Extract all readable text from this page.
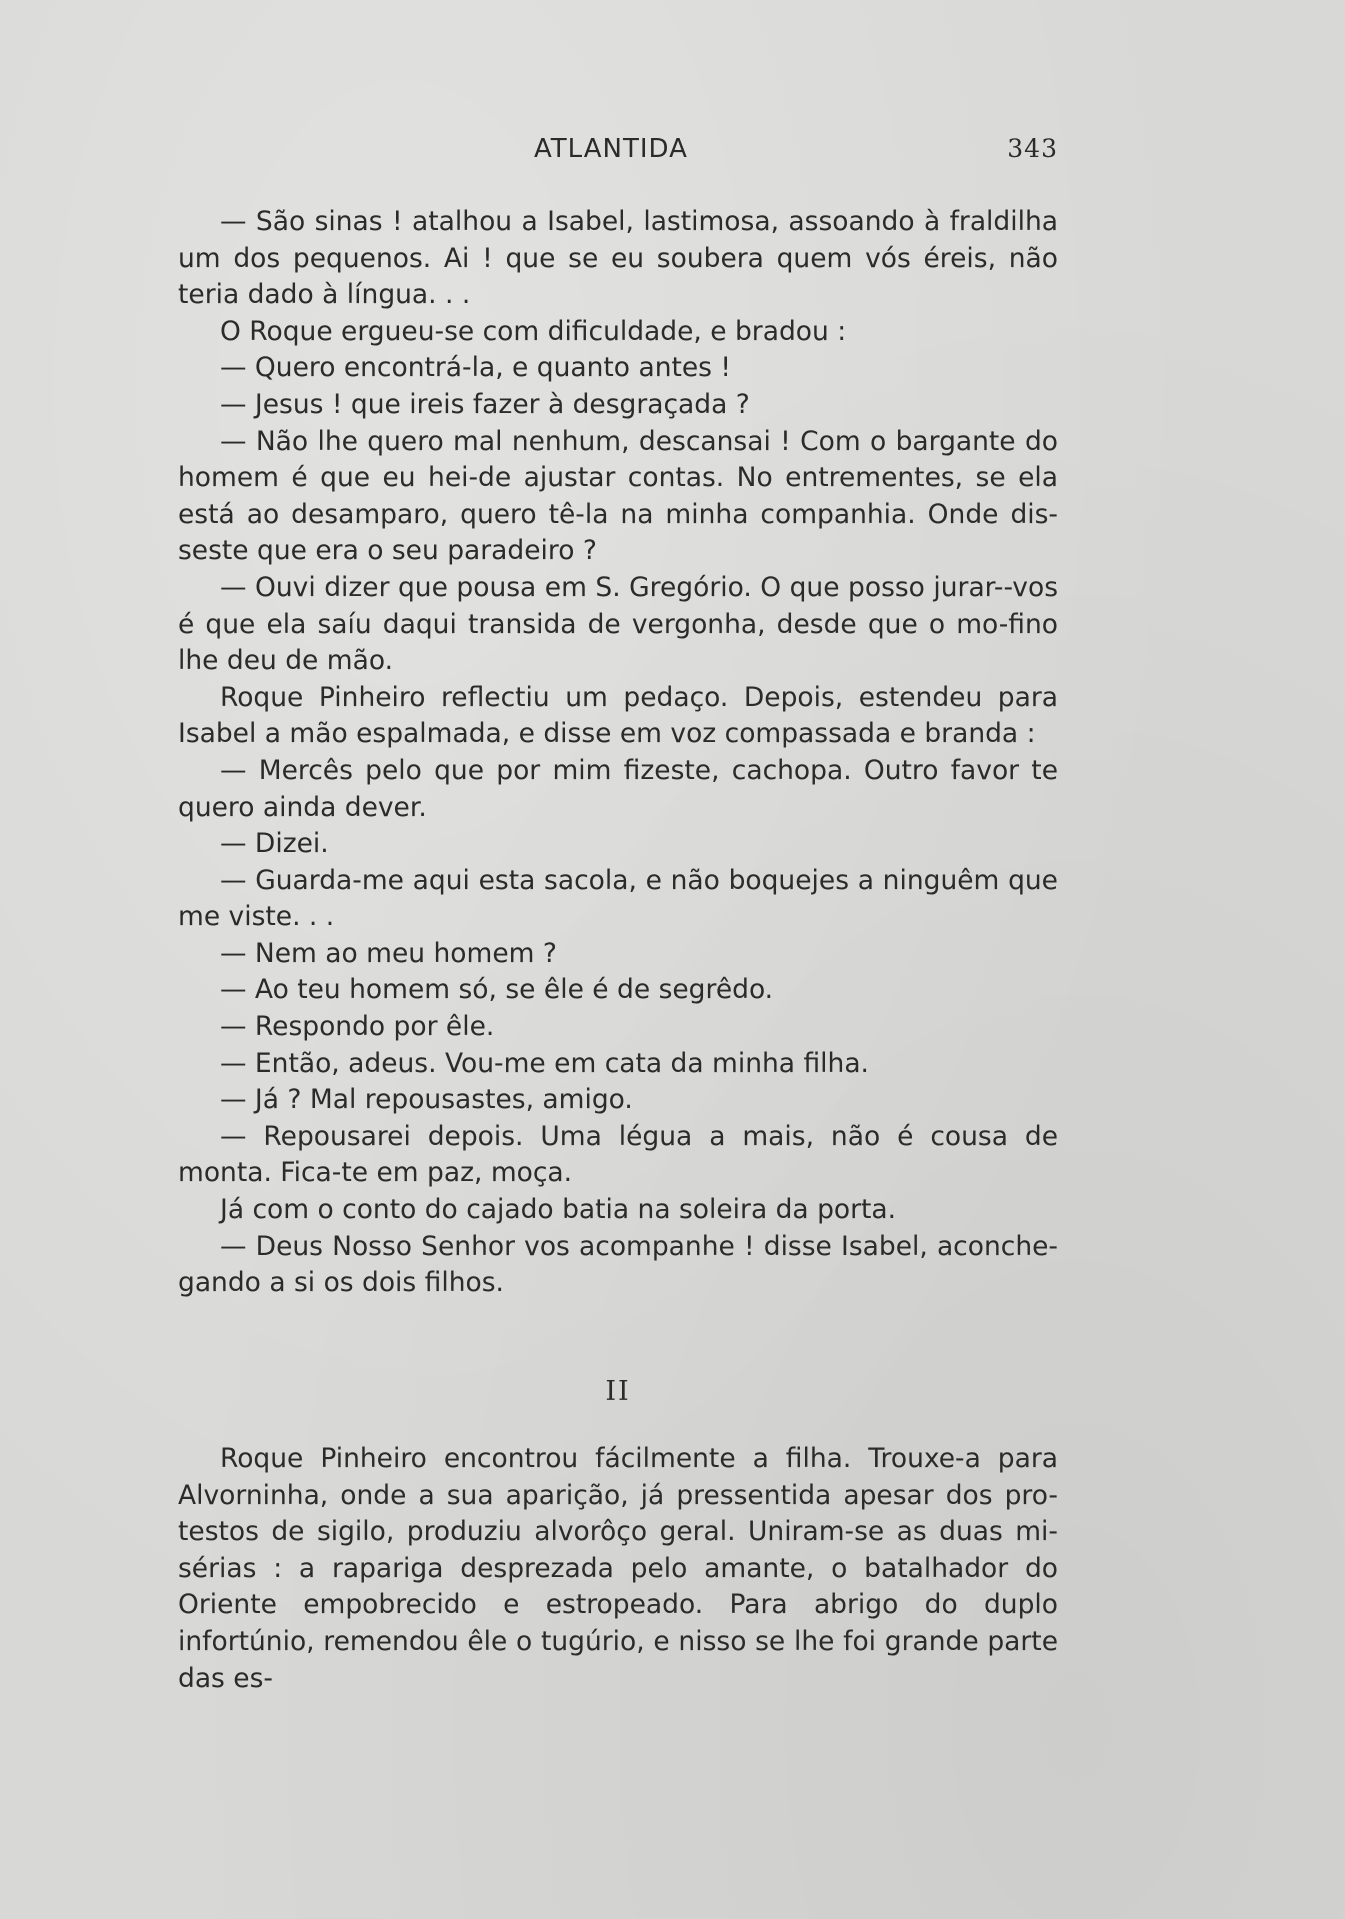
ATLANTIDA	343

— São sinas ! atalhou a Isabel, lastimosa, assoando à fraldilha um dos pequenos. Ai ! que se eu soubera quem vós éreis, não teria dado à língua. . .

O Roque ergueu-se com dificuldade, e bradou :

— Quero encontrá-la, e quanto antes !

— Jesus ! que ireis fazer à desgraçada ?

— Não lhe quero mal nenhum, descansai ! Com o bargante do homem é que eu hei-de ajustar contas. No entrementes, se ela está ao desamparo, quero tê-la na minha companhia. Onde dis-seste que era o seu paradeiro ?

— Ouvi dizer que pousa em S. Gregório. O que posso jurar--vos é que ela saíu daqui transida de vergonha, desde que o mo-fino lhe deu de mão.

Roque Pinheiro reflectiu um pedaço. Depois, estendeu para Isabel a mão espalmada, e disse em voz compassada e branda :

— Mercês pelo que por mim fizeste, cachopa. Outro favor te quero ainda dever.

— Dizei.

— Guarda-me aqui esta sacola, e não boquejes a ninguêm que me viste. . .

— Nem ao meu homem ?

— Ao teu homem só, se êle é de segrêdo.

— Respondo por êle.

— Então, adeus. Vou-me em cata da minha filha.

— Já ? Mal repousastes, amigo.

— Repousarei depois. Uma légua a mais, não é cousa de monta. Fica-te em paz, moça.

Já com o conto do cajado batia na soleira da porta.

— Deus Nosso Senhor vos acompanhe ! disse Isabel, aconche-gando a si os dois filhos.

II

Roque Pinheiro encontrou fácilmente a filha. Trouxe-a para Alvorninha, onde a sua aparição, já pressentida apesar dos pro-testos de sigilo, produziu alvorôço geral. Uniram-se as duas mi-sérias : a rapariga desprezada pelo amante, o batalhador do Oriente empobrecido e estropeado. Para abrigo do duplo infortúnio, remendou êle o tugúrio, e nisso se lhe foi grande parte das es-
